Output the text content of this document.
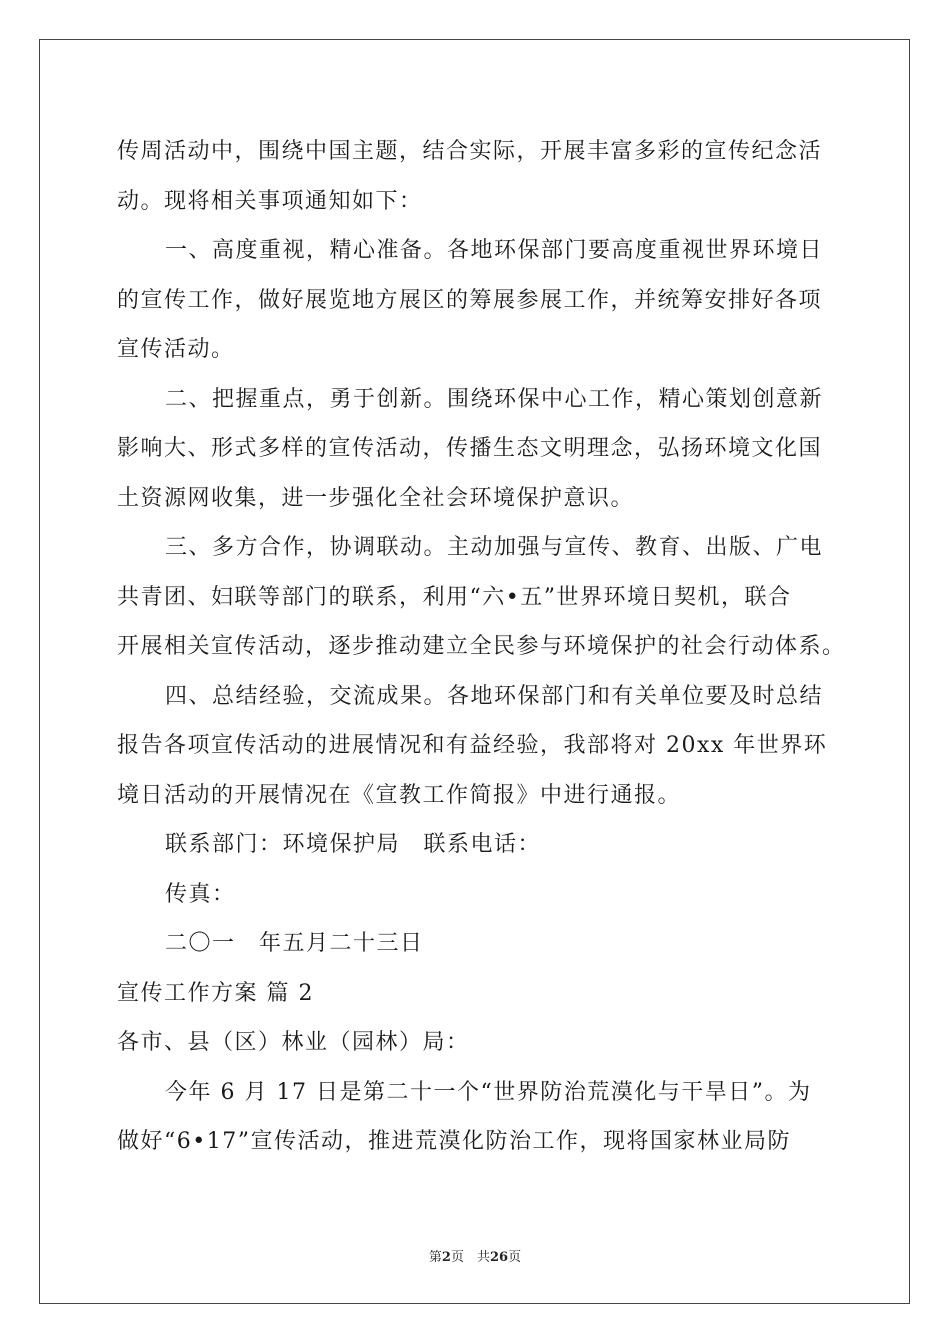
传周活动中，围绕中国主题，结合实际，开展丰富多彩的宣传纪念活
动。现将相关事项通知如下：
一、高度重视，精心准备。各地环保部门要高度重视世界环境日
的宣传工作，做好展览地方展区的筹展参展工作，并统筹安排好各项
宣传活动。
二、把握重点，勇于创新。围绕环保中心工作，精心策划创意新
影响大、形式多样的宣传活动，传播生态文明理念，弘扬环境文化国
土资源网收集，进一步强化全社会环境保护意识。
三、多方合作，协调联动。主动加强与宣传、教育、出版、广电
共青团、妇联等部门的联系，利用“六•五”世界环境日契机，联合
开展相关宣传活动，逐步推动建立全民参与环境保护的社会行动体系。
四、总结经验，交流成果。各地环保部门和有关单位要及时总结
报告各项宣传活动的进展情况和有益经验，我部将对 20xx 年世界环
境日活动的开展情况在《宣教工作简报》中进行通报。
联系部门：环境保护局　联系电话：
传真：
二〇一　年五月二十三日
宣传工作方案 篇 2
各市、县（区）林业（园林）局：
今年 6 月 17 日是第二十一个“世界防治荒漠化与干旱日”。为
做好“6•17”宣传活动，推进荒漠化防治工作，现将国家林业局防
第2页　共26页
